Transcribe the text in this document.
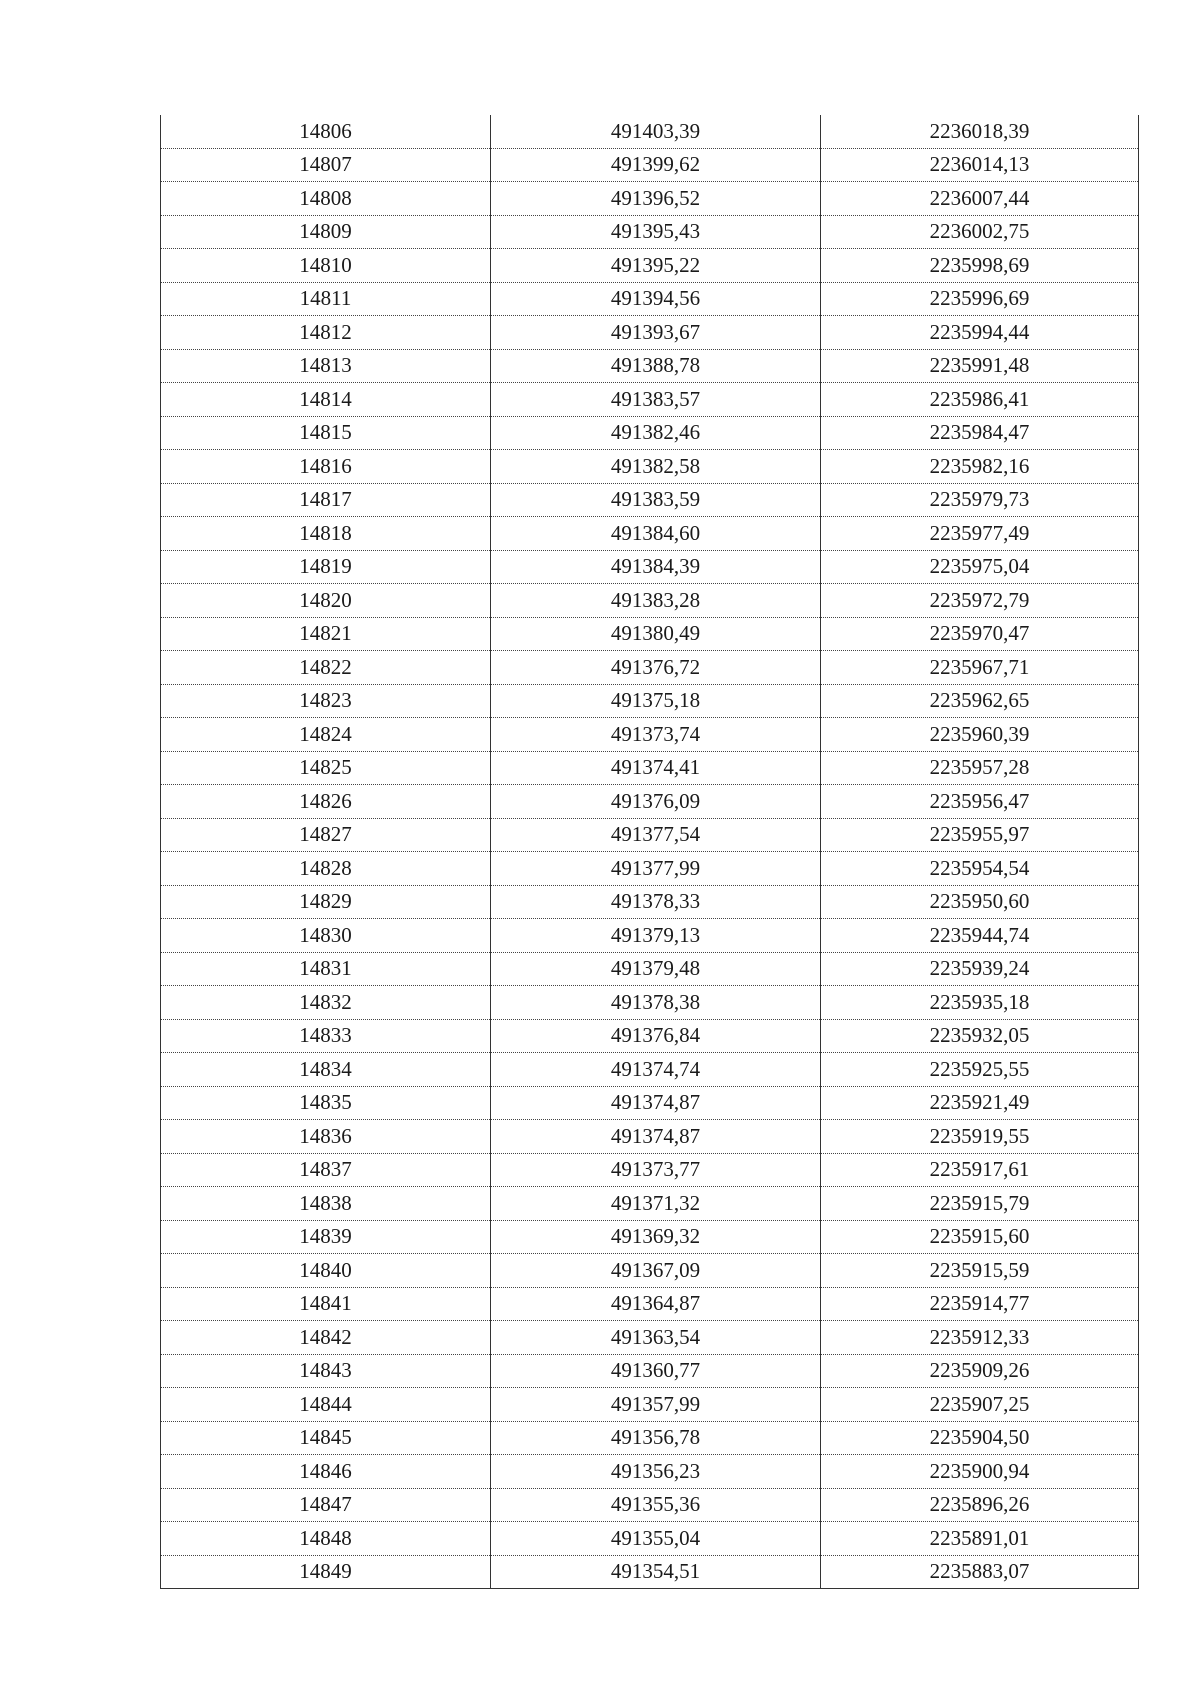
14806	491403,39	2236018,39
14807	491399,62	2236014,13
14808	491396,52	2236007,44
14809	491395,43	2236002,75
14810	491395,22	2235998,69
14811	491394,56	2235996,69
14812	491393,67	2235994,44
14813	491388,78	2235991,48
14814	491383,57	2235986,41
14815	491382,46	2235984,47
14816	491382,58	2235982,16
14817	491383,59	2235979,73
14818	491384,60	2235977,49
14819	491384,39	2235975,04
14820	491383,28	2235972,79
14821	491380,49	2235970,47
14822	491376,72	2235967,71
14823	491375,18	2235962,65
14824	491373,74	2235960,39
14825	491374,41	2235957,28
14826	491376,09	2235956,47
14827	491377,54	2235955,97
14828	491377,99	2235954,54
14829	491378,33	2235950,60
14830	491379,13	2235944,74
14831	491379,48	2235939,24
14832	491378,38	2235935,18
14833	491376,84	2235932,05
14834	491374,74	2235925,55
14835	491374,87	2235921,49
14836	491374,87	2235919,55
14837	491373,77	2235917,61
14838	491371,32	2235915,79
14839	491369,32	2235915,60
14840	491367,09	2235915,59
14841	491364,87	2235914,77
14842	491363,54	2235912,33
14843	491360,77	2235909,26
14844	491357,99	2235907,25
14845	491356,78	2235904,50
14846	491356,23	2235900,94
14847	491355,36	2235896,26
14848	491355,04	2235891,01
14849	491354,51	2235883,07
